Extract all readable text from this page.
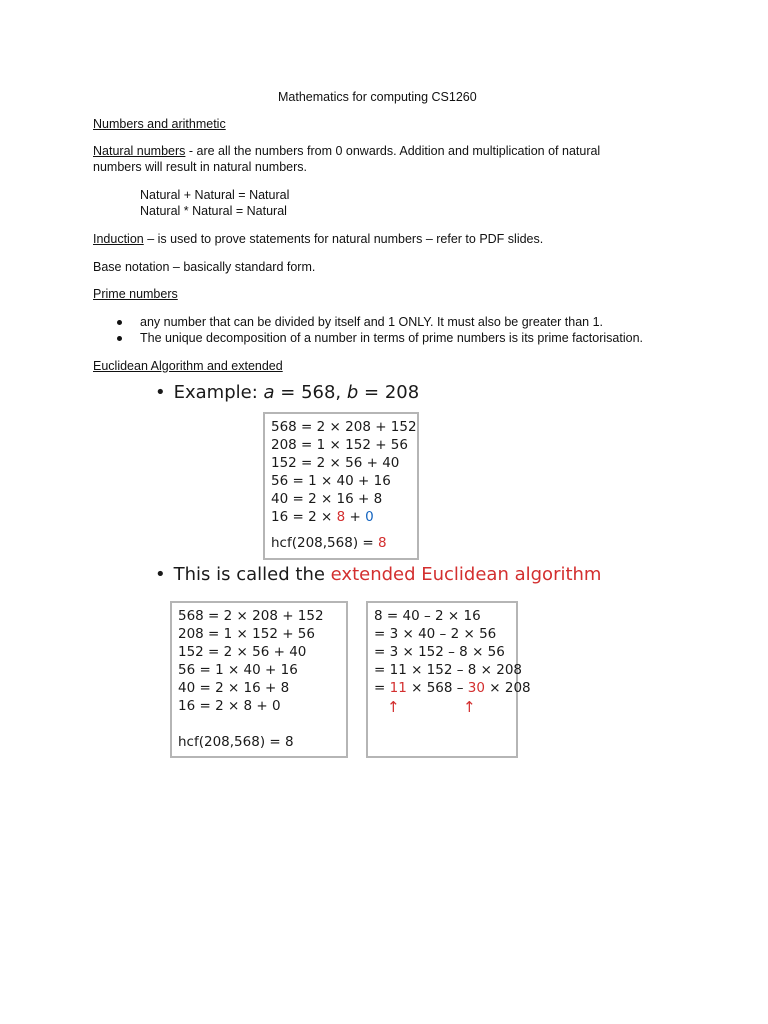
Mathematics for computing CS1260
Numbers and arithmetic
Natural numbers - are all the numbers from 0 onwards. Addition and multiplication of natural
numbers will result in natural numbers.
Natural + Natural = Natural
Natural * Natural = Natural
Induction – is used to prove statements for natural numbers – refer to PDF slides.
Base notation – basically standard form.
Prime numbers
any number that can be divided by itself and 1 ONLY. It must also be greater than 1.
The unique decomposition of a number in terms of prime numbers is its prime factorisation.
Euclidean Algorithm and extended
• Example: a = 568, b = 208
568 = 2 × 208 + 152
208 = 1 × 152 + 56
152 = 2 × 56 + 40
56 = 1 × 40 + 16
40 = 2 × 16 + 8
16 = 2 × 8 + 0
hcf(208,568) = 8
• This is called the extended Euclidean algorithm
568 = 2 × 208 + 152
208 = 1 × 152 + 56
152 = 2 × 56 + 40
56 = 1 × 40 + 16
40 = 2 × 16 + 8
16 = 2 × 8 + 0
hcf(208,568) = 8
8 = 40 – 2 × 16
= 3 × 40 – 2 × 56
= 3 × 152 – 8 × 56
= 11 × 152 – 8 × 208
= 11 × 568 – 30 × 208
↑	↑
